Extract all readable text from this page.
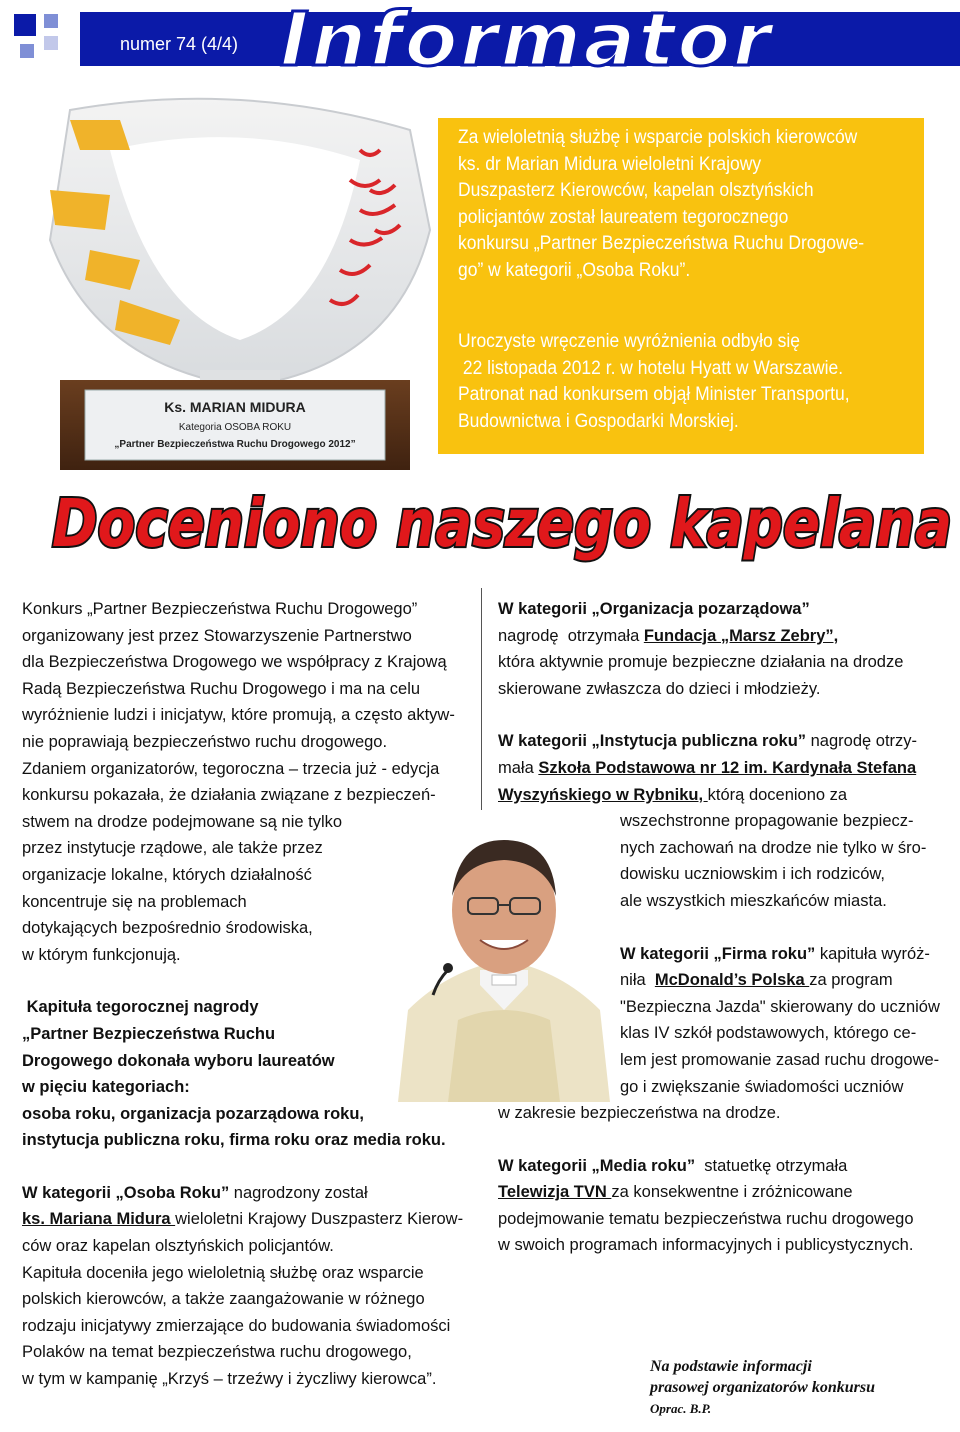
numer 74 (4/4) Informator
Ks. MARIAN MIDURA
Kategoria OSOBA ROKU
„Partner Bezpieczeństwa Ruchu Drogowego 2012”
Za wieloletnią służbę i wsparcie polskich kierowców
ks. dr Marian Midura wieloletni Krajowy
Duszpasterz Kierowców, kapelan olsztyńskich
policjantów został laureatem tegorocznego
konkursu „Partner Bezpieczeństwa Ruchu Drogowe-
go” w kategorii „Osoba Roku”.
Uroczyste wręczenie wyróżnienia odbyło się
22 listopada 2012 r. w hotelu Hyatt w Warszawie.
Patronat nad konkursem objął Minister Transportu,
Budownictwa i Gospodarki Morskiej.
Doceniono naszego kapelana

Konkurs „Partner Bezpieczeństwa Ruchu Drogowego”

organizowany jest przez Stowarzyszenie Partnerstwo

dla Bezpieczeństwa Drogowego we współpracy z Krajową

Radą Bezpieczeństwa Ruchu Drogowego i ma na celu

wyróżnienie ludzi i inicjatyw, które promują, a często aktyw-

nie poprawiają bezpieczeństwo ruchu drogowego.

Zdaniem organizatorów, tegoroczna – trzecia już - edycja

konkursu pokazała, że działania związane z bezpieczeń-

stwem na drodze podejmowane są nie tylko

przez instytucje rządowe, ale także przez

organizacje lokalne, których działalność

koncentruje się na problemach

dotykających bezpośrednio środowiska,

w którym funkcjonują.

Kapituła tegorocznej nagrody

„Partner Bezpieczeństwa Ruchu

Drogowego dokonała wyboru laureatów

w pięciu kategoriach:

osoba roku, organizacja pozarządowa roku,

instytucja publiczna roku, firma roku oraz media roku.

W kategorii „Osoba Roku” nagrodzony został

ks. Mariana Midura wieloletni Krajowy Duszpasterz Kierow-

ców oraz kapelan olsztyńskich policjantów.

Kapituła doceniła jego wieloletnią służbę oraz wsparcie

polskich kierowców, a także zaangażowanie w różnego

rodzaju inicjatywy zmierzające do budowania świadomości

Polaków na temat bezpieczeństwa ruchu drogowego,

w tym w kampanię „Krzyś – trzeźwy i życzliwy kierowca”.

W kategorii „Organizacja pozarządowa”

nagrodę  otrzymała Fundacja „Marsz Zebry”,

która aktywnie promuje bezpieczne działania na drodze

skierowane zwłaszcza do dzieci i młodzieży.

W kategorii „Instytucja publiczna roku” nagrodę otrzy-

mała Szkoła Podstawowa nr 12 im. Kardynała Stefana

Wyszyńskiego w Rybniku, którą doceniono za

wszechstronne propagowanie bezpiecz-

nych zachowań na drodze nie tylko w śro-

dowisku uczniowskim i ich rodziców,

ale wszystkich mieszkańców miasta.

W kategorii „Firma roku” kapituła wyróż-

niła  McDonald’s Polska za program

"Bezpieczna Jazda" skierowany do uczniów

klas IV szkół podstawowych, którego ce-

lem jest promowanie zasad ruchu drogowe-

go i zwiększanie świadomości uczniów

w zakresie bezpieczeństwa na drodze.

W kategorii „Media roku”  statuetkę otrzymała

Telewizja TVN za konsekwentne i zróżnicowane

podejmowanie tematu bezpieczeństwa ruchu drogowego

w swoich programach informacyjnych i publicystycznych.

Na podstawie informacji
prasowej organizatorów konkursu
Oprac. B.P.
